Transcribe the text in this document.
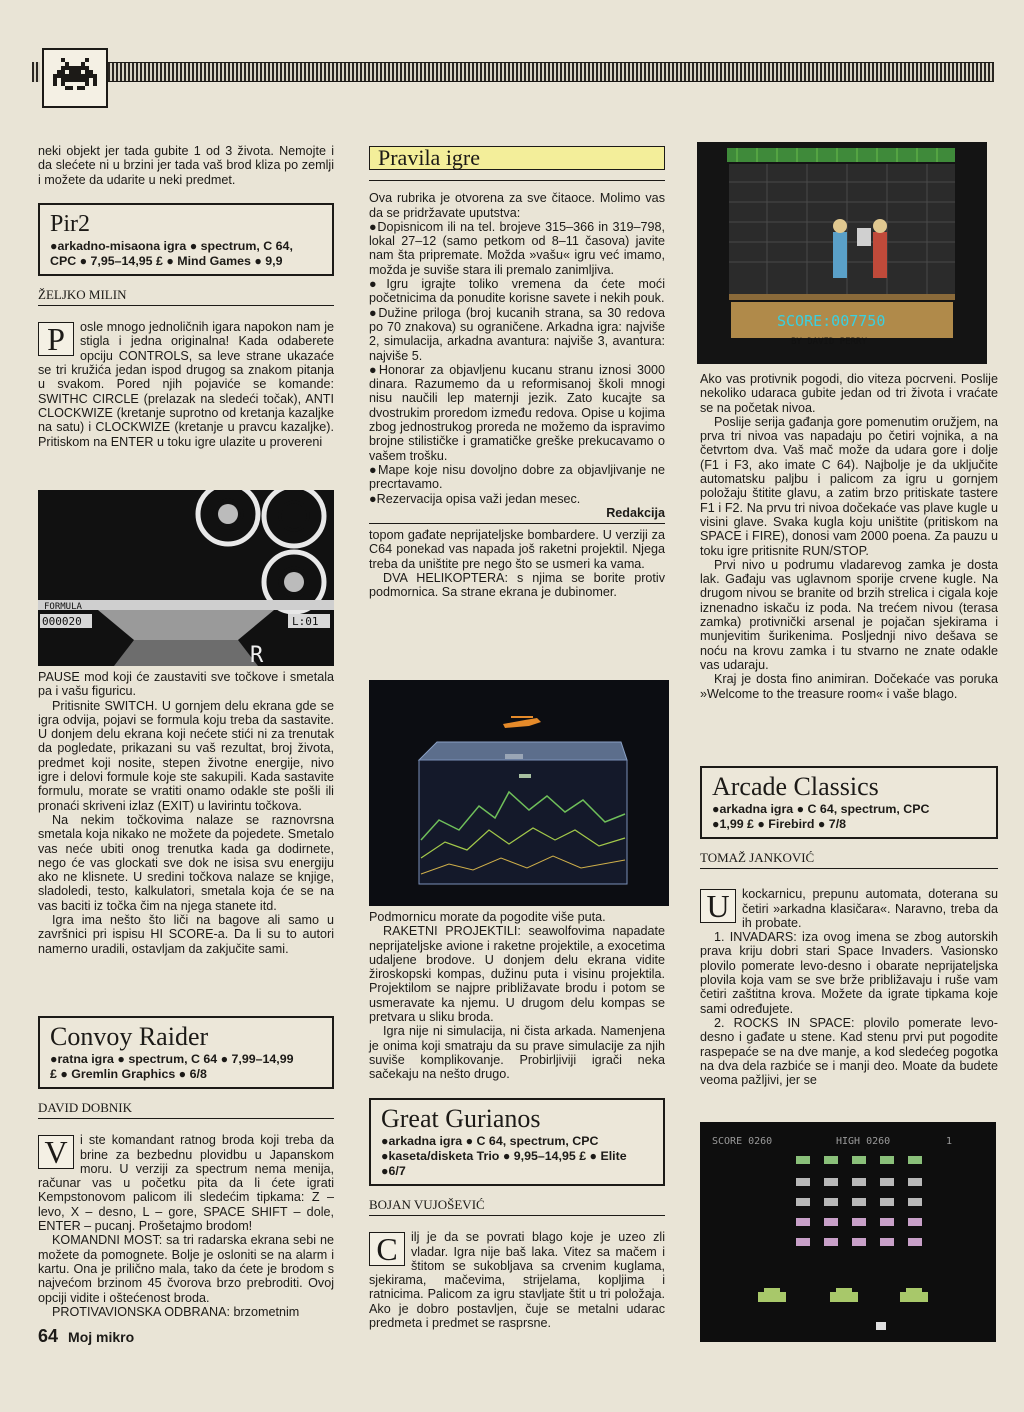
neki objekt jer tada gubite 1 od 3 života. Nemojte i da slećete ni u brzini jer tada vaš brod kliza po zemlji i možete da udarite u neki predmet.
Pir2
● arkadno-misaona igra ● spectrum, C 64,
CPC ● 7,95–14,95 £ ● Mind Games ● 9,9
ŽELJKO MILIN
P	osle mnogo jednoličnih igara napokon nam je stigla i jedna originalna! Kada odaberete opciju CONTROLS, sa leve strane ukazaće se tri kružića jedan ispod drugog sa znakom pitanja u svakom. Pored njih pojaviće se komande: SWITHC CIRCLE (prelazak na sledeći točak), ANTI CLOCKWIZE (kretanje suprotno od kretanja kazaljke na satu) i CLOCKWIZE (kretanje u pravcu kazaljke). Pritiskom na ENTER u toku igre ulazite u provereni
FORMULA
000020	L:01
R
PAUSE mod koji će zaustaviti sve točkove i smetala pa i vašu figuricu.
Pritisnite SWITCH. U gornjem delu ekrana gde se igra odvija, pojavi se formula koju treba da sastavite. U donjem delu ekrana koji nećete stići ni za trenutak da pogledate, prikazani su vaš rezultat, broj života, predmet koji nosite, stepen životne energije, nivo igre i delovi formule koje ste sakupili. Kada sastavite formulu, morate se vratiti onamo odakle ste pošli ili pronaći skriveni izlaz (EXIT) u lavirintu točkova.
Na nekim točkovima nalaze se raznovrsna smetala koja nikako ne možete da pojedete. Smetalo vas neće ubiti onog trenutka kada ga dodirnete, nego će vas glockati sve dok ne isisa svu energiju ako ne klisnete. U sredini točkova nalaze se knjige, sladoledi, testo, kalkulatori, smetala koja će se na vas baciti iz točka čim na njega stanete itd.
Igra ima nešto što liči na bagove ali samo u završnici pri ispisu HI SCORE-a. Da li su to autori namerno uradili, ostavljam da zakjučite sami.
Convoy Raider
● ratna igra ● spectrum, C 64 ● 7,99–14,99
£ ● Gremlin Graphics ● 6/8
DAVID DOBNIK
V i ste komandant ratnog broda koji treba da brine za bezbednu plovidbu u Japanskom moru. U verziji za spectrum nema menija, računar vas u početku pita da li ćete igrati Kempstonovom palicom ili sledećim tipkama: Z – levo, X – desno, L – gore, SPACE SHIFT – dole, ENTER – pucanj. Prošetajmo brodom!
KOMANDNI MOST: sa tri radarska ekrana sebi ne možete da pomognete. Bolje je osloniti se na alarm i kartu. Ona je prilično mala, tako da ćete je brodom s najvećom brzinom 45 čvorova brzo prebroditi. Ovoj opciji vidite i oštećenost broda.
PROTIVAVIONSKA ODBRANA: brzometnim
Pravila igre
Ova rubrika je otvorena za sve čitaoce. Molimo vas da se pridržavate uputstva:
● Dopisnicom ili na tel. brojeve 315–366 in 319–798, lokal 27–12 (samo petkom od 8–11 časova) javite nam šta pripremate. Možda »vašu« igru već imamo, možda je suviše stara ili premalo zanimljiva.
● Igru igrajte toliko vremena da ćete moći početnicima da ponudite korisne savete i nekih pouk.
● Dužine priloga (broj kucanih strana, sa 30 redova po 70 znakova) su ograničene. Arkadna igra: najviše 2, simulacija, arkadna avantura: najviše 3, avantura: najviše 5.
● Honorar za objavljenu kucanu stranu iznosi 3000 dinara. Razumemo da u reformisanoj školi mnogi nisu naučili lep maternji jezik. Zato kucajte sa dvostrukim proredom između redova. Opise u kojima zbog jednostrukog proreda ne možemo da ispravimo brojne stilističke i gramatičke greške prekucavamo o vašem trošku.
● Mape koje nisu dovoljno dobre za objavljivanje ne precrtavamo.
● Rezervacija opisa važi jedan mesec.
Redakcija
topom gađate neprijateljske bombardere. U verziji za C64 ponekad vas napada još raketni projektil. Njega treba da uništite pre nego što se usmeri ka vama.
DVA HELIKOPTERA: s njima se borite protiv podmornica. Sa strane ekrana je dubinomer.
Podmornicu morate da pogodite više puta.
RAKETNI PROJEKTILI: seawolfovima napadate neprijateljske avione i raketne projektile, a exocetima udaljene brodove. U donjem delu ekrana vidite žiroskopski kompas, dužinu puta i visinu projektila. Projektilom se najpre približavate brodu i potom se usmeravate ka njemu. U drugom delu kompas se pretvara u sliku broda.
Igra nije ni simulacija, ni čista arkada. Namenjena je onima koji smatraju da su prave simulacije za njih suviše komplikovanje. Probirljiviji igrači neka sačekaju na nešto drugo.
Great Gurianos
● arkadna igra ● C 64, spectrum, CPC
● kaseta/disketa Trio ● 9,95–14,95 £ ● Elite
● 6/7
BOJAN VUJOŠEVIĆ
C	ilj je da se povrati blago koje je uzeo zli vladar. Igra nije baš laka. Vitez sa mačem i štitom se sukobljava sa crvenim kuglama, sjekirama, mačevima, strijelama, kopljima i ratnicima. Palicom za igru stavljate štit u tri položaja. Ako je dobro postavljen, čuje se metalni udarac predmeta i predmet se rasprsne.
SCORE:007750
BY DAVID PERRY
Ako vas protivnik pogodi, dio viteza pocrveni. Poslije nekoliko udaraca gubite jedan od tri života i vraćate se na početak nivoa.
Poslije serija gađanja gore pomenutim oružjem, na prva tri nivoa vas napadaju po četiri vojnika, a na četvrtom dva. Vaš mač može da udara gore i dolje (F1 i F3, ako imate C 64). Najbolje je da uključite automatsku paljbu i palicom za igru u gornjem položaju štitite glavu, a zatim brzo pritiskate tastere F1 i F2. Na prvu tri nivoa dočekaće vas plave kugle u visini glave. Svaka kugla koju uništite (pritiskom na SPACE i FIRE), donosi vam 2000 poena. Za pauzu u toku igre pritisnite RUN/STOP.
Prvi nivo u podrumu vladarevog zamka je dosta lak. Gađaju vas uglavnom sporije crvene kugle. Na drugom nivou se branite od brzih strelica i cigala koje iznenadno iskaču iz poda. Na trećem nivou (terasa zamka) protivnički arsenal je pojačan sjekirama i munjevitim šurikenima. Posljednji nivo dešava se noću na krovu zamka i tu stvarno ne znate odakle vas udaraju.
Kraj je dosta fino animiran. Dočekaće vas poruka »Welcome to the treasure room« i vaše blago.
Arcade Classics
● arkadna igra ● C 64, spectrum, CPC
● 1,99 £ ● Firebird ● 7/8
TOMAŽ JANKOVIĆ
U kockarnicu, prepunu automata, doterana su četiri »arkadna klasičara«. Naravno, treba da ih probate.
1. INVADARS: iza ovog imena se zbog autorskih prava kriju dobri stari Space Invaders. Vasionsko plovilo pomerate levo-desno i obarate neprijateljska plovila koja vam se sve brže približavaju i ruše vam četiri zaštitna krova. Možete da igrate tipkama koje sami određujete.
2. ROCKS IN SPACE: plovilo pomerate levo-desno i gađate u stene. Kad stenu prvi put pogodite raspepaće se na dve manje, a kod sledećeg pogotka na dva dela razbiće se i manji deo. Moate da budete veoma pažljivi, jer se
SCORE 0260	HIGH 0260	1
64 Moj mikro
